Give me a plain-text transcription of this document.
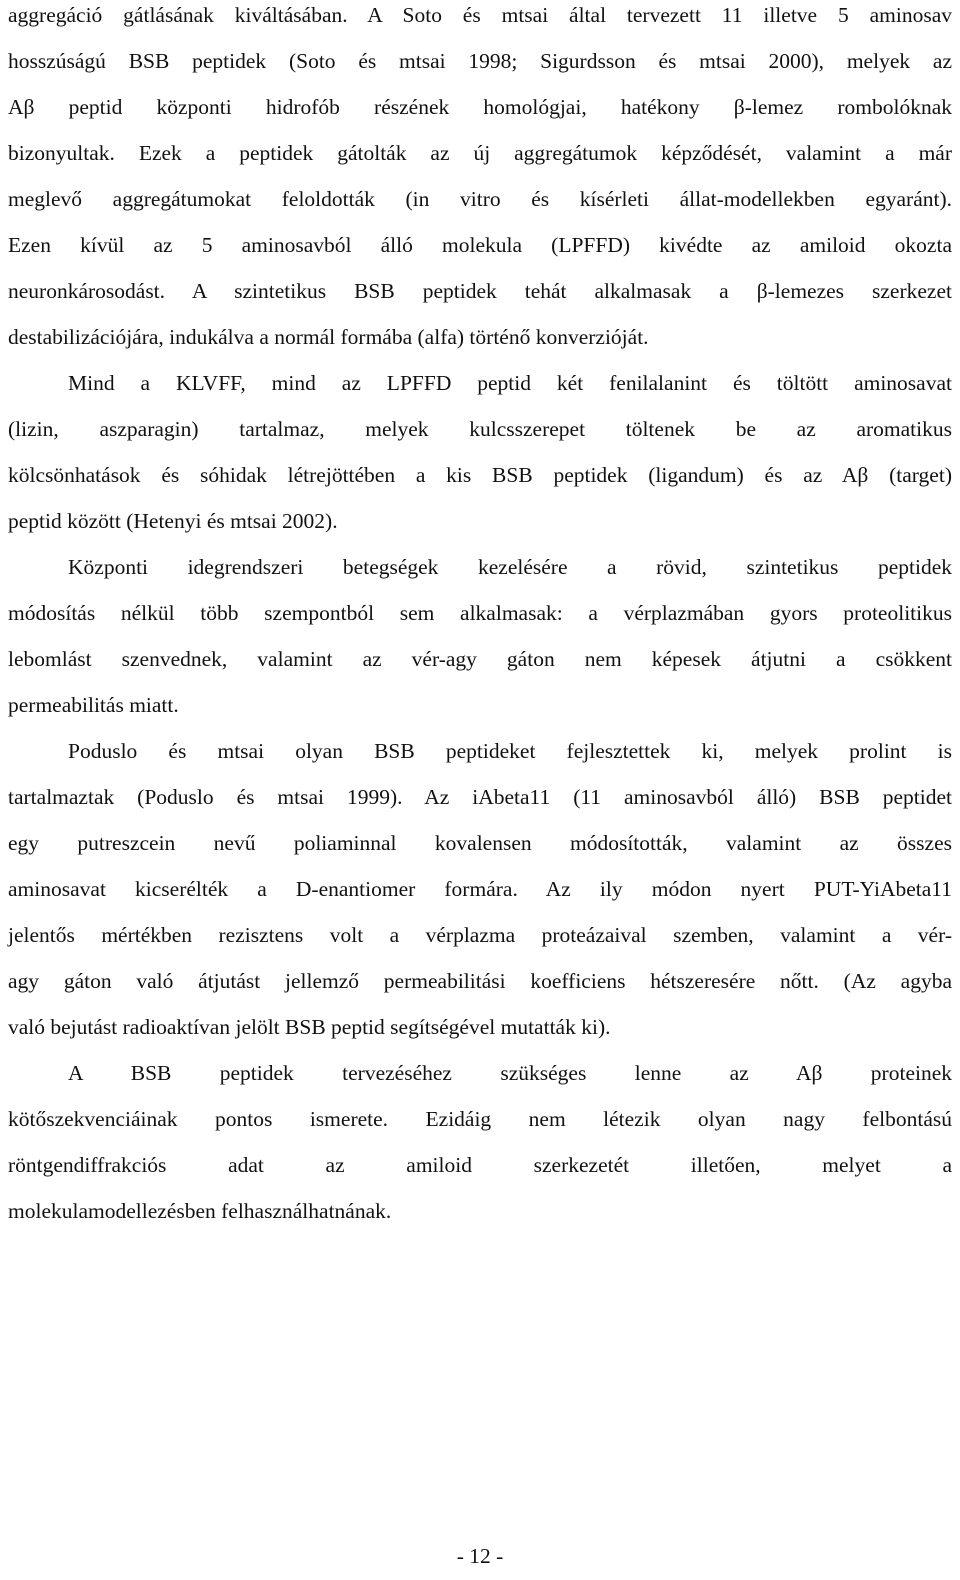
aggregáció gátlásának kiváltásában. A Soto és mtsai által tervezett 11 illetve 5 aminosav
hosszúságú BSB peptidek (Soto és mtsai 1998; Sigurdsson és mtsai 2000), melyek az
Aβ peptid központi hidrofób részének homológjai, hatékony β-lemez rombolóknak
bizonyultak. Ezek a peptidek gátolták az új aggregátumok képződését, valamint a már
meglevő aggregátumokat feloldották (in vitro és kísérleti állat-modellekben egyaránt).
Ezen kívül az 5 aminosavból álló molekula (LPFFD) kivédte az amiloid okozta
neuronkárosodást. A szintetikus BSB peptidek tehát alkalmasak a β-lemezes szerkezet
destabilizációjára, indukálva a normál formába (alfa) történő konverzióját.
Mind a KLVFF, mind az LPFFD peptid két fenilalanint és töltött aminosavat
(lizin, aszparagin) tartalmaz, melyek kulcsszerepet töltenek be az aromatikus
kölcsönhatások és sóhidak létrejöttében a kis BSB peptidek (ligandum) és az Aβ (target)
peptid között (Hetenyi és mtsai 2002).
Központi idegrendszeri betegségek kezelésére a rövid, szintetikus peptidek
módosítás nélkül több szempontból sem alkalmasak: a vérplazmában gyors proteolitikus
lebomlást szenvednek, valamint az vér-agy gáton nem képesek átjutni a csökkent
permeabilitás miatt.
Poduslo és mtsai olyan BSB peptideket fejlesztettek ki, melyek prolint is
tartalmaztak (Poduslo és mtsai 1999). Az iAbeta11 (11 aminosavból álló) BSB peptidet
egy putreszcein nevű poliaminnal kovalensen módosították, valamint az összes
aminosavat kicserélték a D-enantiomer formára. Az ily módon nyert PUT-YiAbeta11
jelentős mértékben rezisztens volt a vérplazma proteázaival szemben, valamint a vér-
agy gáton való átjutást jellemző permeabilitási koefficiens hétszeresére nőtt. (Az agyba
való bejutást radioaktívan jelölt BSB peptid segítségével mutatták ki).
A BSB peptidek tervezéséhez szükséges lenne az Aβ proteinek
kötőszekvenciáinak pontos ismerete. Ezidáig nem létezik olyan nagy felbontású
röntgendiffrakciós adat az amiloid szerkezetét illetően, melyet a
molekulamodellezésben felhasználhatnának.
- 12 -
